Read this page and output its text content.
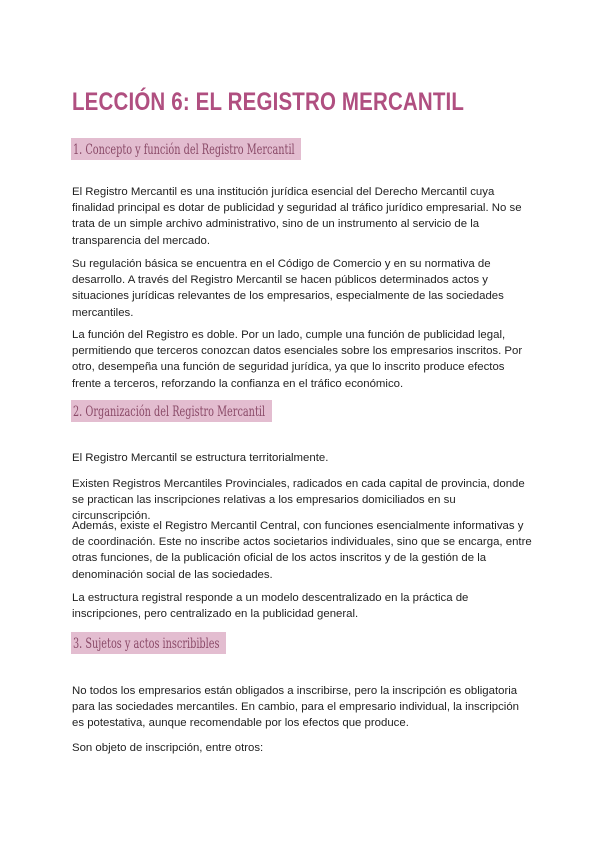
LECCIÓN 6: EL REGISTRO MERCANTIL
1. Concepto y función del Registro Mercantil

El Registro Mercantil es una institución jurídica esencial del Derecho Mercantil cuya finalidad principal es dotar de publicidad y seguridad al tráfico jurídico empresarial. No se trata de un simple archivo administrativo, sino de un instrumento al servicio de la transparencia del mercado.

Su regulación básica se encuentra en el Código de Comercio y en su normativa de desarrollo. A través del Registro Mercantil se hacen públicos determinados actos y situaciones jurídicas relevantes de los empresarios, especialmente de las sociedades mercantiles.

La función del Registro es doble. Por un lado, cumple una función de publicidad legal, permitiendo que terceros conozcan datos esenciales sobre los empresarios inscritos. Por otro, desempeña una función de seguridad jurídica, ya que lo inscrito produce efectos frente a terceros, reforzando la confianza en el tráfico económico.

2. Organización del Registro Mercantil

El Registro Mercantil se estructura territorialmente.

Existen Registros Mercantiles Provinciales, radicados en cada capital de provincia, donde se practican las inscripciones relativas a los empresarios domiciliados en su circunscripción.

Además, existe el Registro Mercantil Central, con funciones esencialmente informativas y de coordinación. Este no inscribe actos societarios individuales, sino que se encarga, entre otras funciones, de la publicación oficial de los actos inscritos y de la gestión de la denominación social de las sociedades.

La estructura registral responde a un modelo descentralizado en la práctica de inscripciones, pero centralizado en la publicidad general.

3. Sujetos y actos inscribibles

No todos los empresarios están obligados a inscribirse, pero la inscripción es obligatoria para las sociedades mercantiles. En cambio, para el empresario individual, la inscripción es potestativa, aunque recomendable por los efectos que produce.

Son objeto de inscripción, entre otros:
